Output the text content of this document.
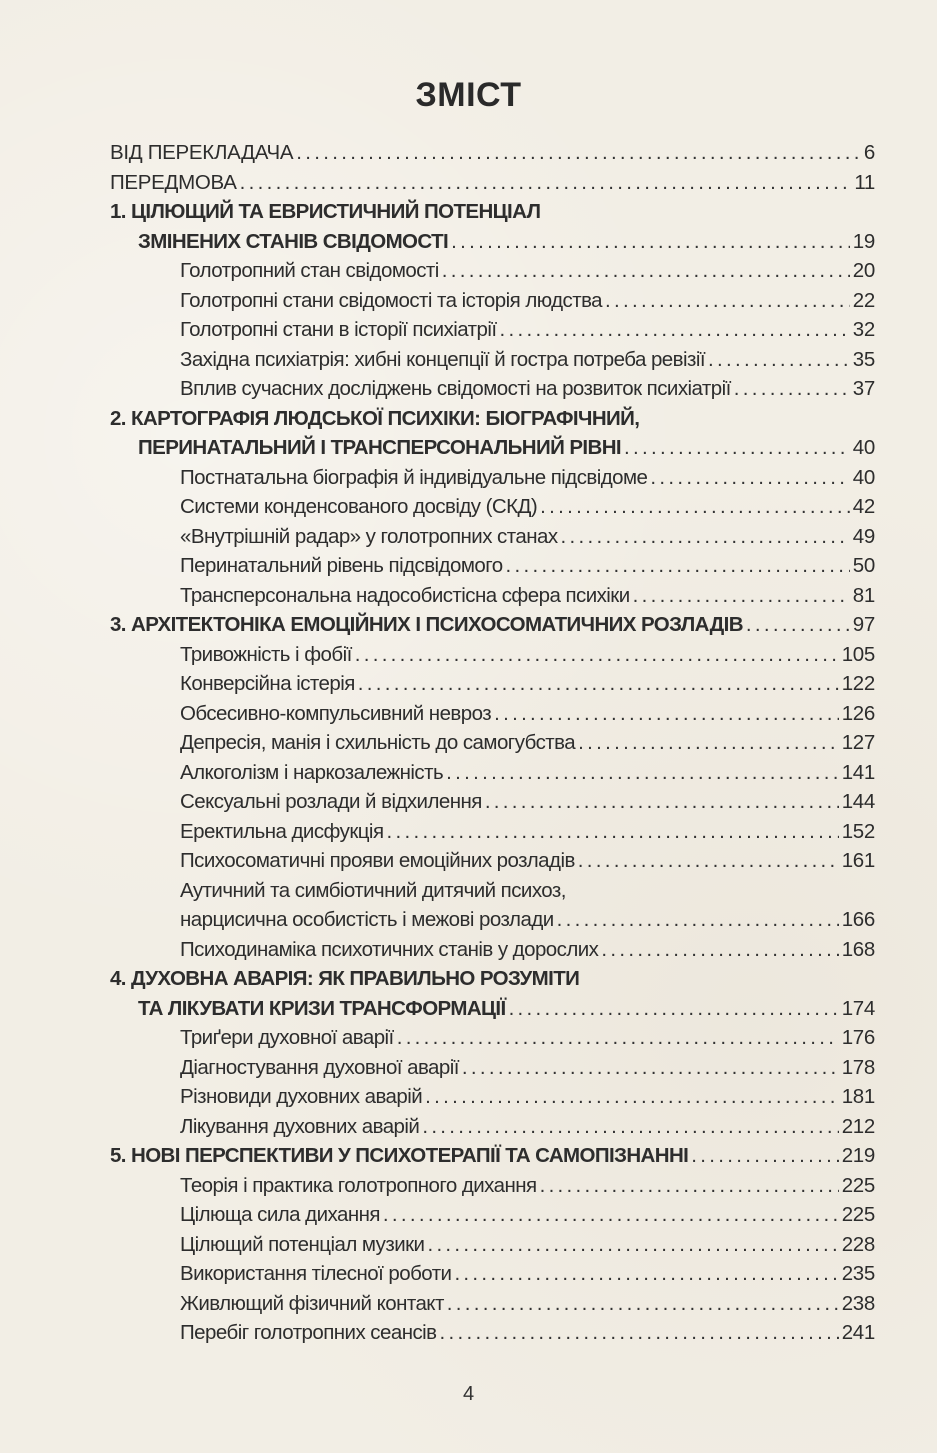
ЗМІСТ
ВІД ПЕРЕКЛАДАЧА . . .	6
ПЕРЕДМОВА . . .	11
1. ЦІЛЮЩИЙ ТА ЕВРИСТИЧНИЙ ПОТЕНЦІАЛ
ЗМІНЕНИХ СТАНІВ СВІДОМОСТІ . . .	19
Голотропний стан свідомості . . .	20
Голотропні стани свідомості та історія людства . . .	22
Голотропні стани в історії психіатрії . . .	32
Західна психіатрія: хибні концепції й гостра потреба ревізії . . .	35
Вплив сучасних досліджень свідомості на розвиток психіатрії . . .	37
2. КАРТОГРАФІЯ ЛЮДСЬКОЇ ПСИХІКИ: БІОГРАФІЧНИЙ,
ПЕРИНАТАЛЬНИЙ І ТРАНСПЕРСОНАЛЬНИЙ РІВНІ . . .	40
Постнатальна біографія й індивідуальне підсвідоме . . .	40
Системи конденсованого досвіду (СКД) . . .	42
«Внутрішній радар» у голотропних станах . . .	49
Перинатальний рівень підсвідомого . . .	50
Трансперсональна надособистісна сфера психіки . . .	81
3. АРХІТЕКТОНІКА ЕМОЦІЙНИХ І ПСИХОСОМАТИЧНИХ РОЗЛАДІВ . . .	97
Тривожність і фобії . . .	105
Конверсійна істерія . . .	122
Обсесивно-компульсивний невроз . . .	126
Депресія, манія і схильність до самогубства . . .	127
Алкоголізм і наркозалежність . . .	141
Сексуальні розлади й відхилення . . .	144
Еректильна дисфукція . . .	152
Психосоматичні прояви емоційних розладів . . .	161
Аутичний та симбіотичний дитячий психоз,
нарцисична особистість і межові розлади . . .	166
Психодинаміка психотичних станів у дорослих . . .	168
4. ДУХОВНА АВАРІЯ: ЯК ПРАВИЛЬНО РОЗУМІТИ
ТА ЛІКУВАТИ КРИЗИ ТРАНСФОРМАЦІЇ . . .	174
Триґери духовної аварії . . .	176
Діагностування духовної аварії . . .	178
Різновиди духовних аварій . . .	181
Лікування духовних аварій . . .	212
5. НОВІ ПЕРСПЕКТИВИ У ПСИХОТЕРАПІЇ ТА САМОПІЗНАННІ . . .	219
Теорія і практика голотропного дихання . . .	225
Цілюща сила дихання . . .	225
Цілющий потенціал музики . . .	228
Використання тілесної роботи . . .	235
Живлющий фізичний контакт . . .	238
Перебіг голотропних сеансів . . .	241
4
